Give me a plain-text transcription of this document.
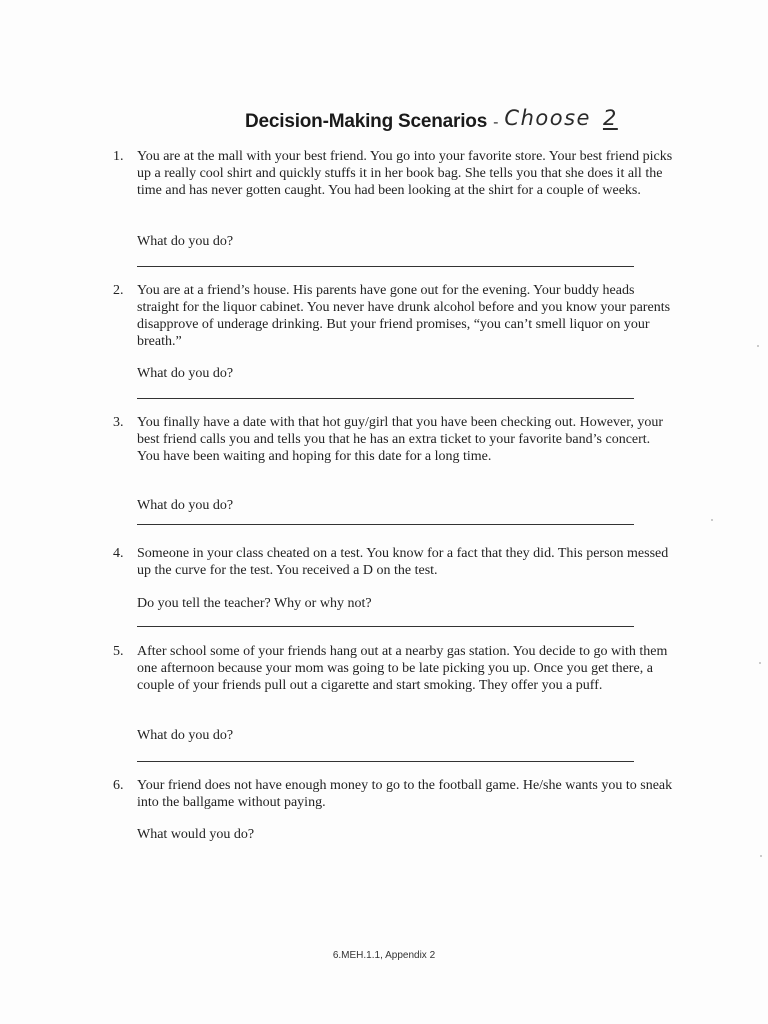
Decision-Making Scenarios - Choose 2
1. You are at the mall with your best friend. You go into your favorite store. Your best friend picks up a really cool shirt and quickly stuffs it in her book bag. She tells you that she does it all the time and has never gotten caught. You had been looking at the shirt for a couple of weeks.
What do you do?
2. You are at a friend’s house. His parents have gone out for the evening. Your buddy heads straight for the liquor cabinet. You never have drunk alcohol before and you know your parents disapprove of underage drinking. But your friend promises, “you can’t smell liquor on your breath.”
What do you do?
3. You finally have a date with that hot guy/girl that you have been checking out. However, your best friend calls you and tells you that he has an extra ticket to your favorite band’s concert. You have been waiting and hoping for this date for a long time.
What do you do?
4. Someone in your class cheated on a test. You know for a fact that they did. This person messed up the curve for the test. You received a D on the test.
Do you tell the teacher? Why or why not?
5. After school some of your friends hang out at a nearby gas station. You decide to go with them one afternoon because your mom was going to be late picking you up. Once you get there, a couple of your friends pull out a cigarette and start smoking. They offer you a puff.
What do you do?
6. Your friend does not have enough money to go to the football game. He/she wants you to sneak into the ballgame without paying.
What would you do?
6.MEH.1.1, Appendix 2
